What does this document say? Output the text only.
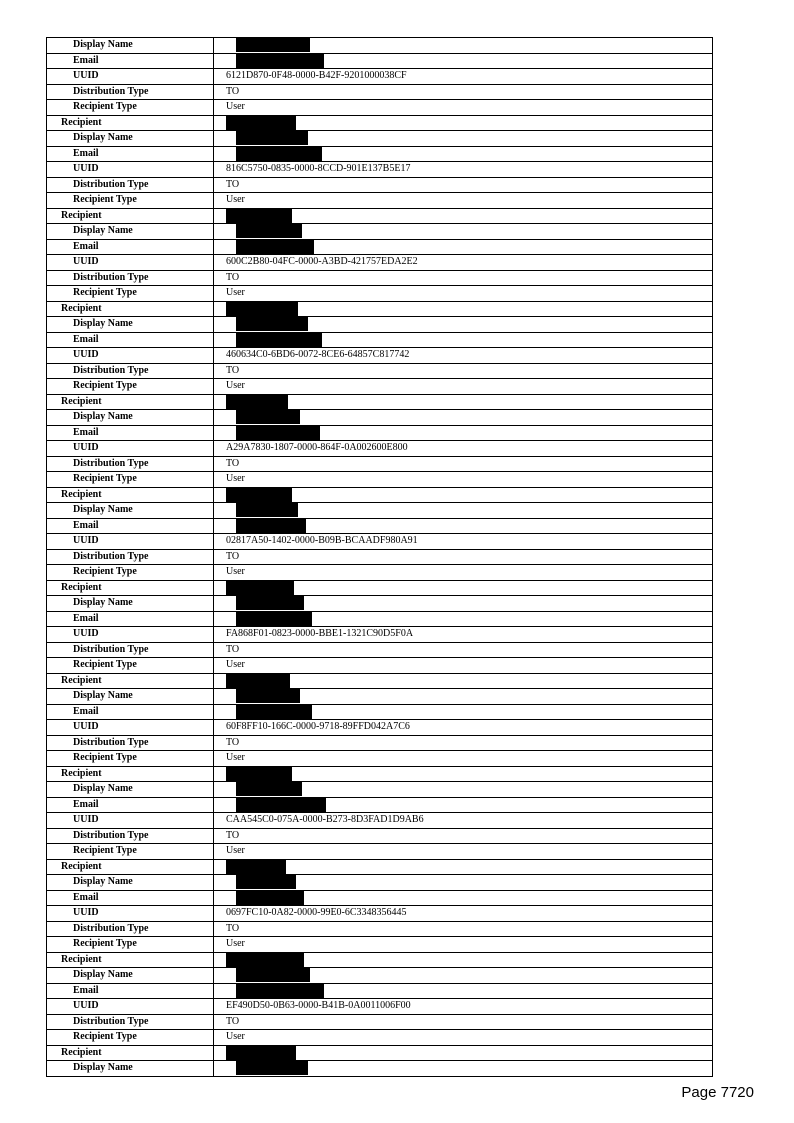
Display Name	
Email	
UUID	6121D870-0F48-0000-B42F-9201000038CF
Distribution Type	TO
Recipient Type	User
Recipient	
Display Name	
Email	
UUID	816C5750-0835-0000-8CCD-901E137B5E17
Distribution Type	TO
Recipient Type	User
Recipient	
Display Name	
Email	
UUID	600C2B80-04FC-0000-A3BD-421757EDA2E2
Distribution Type	TO
Recipient Type	User
Recipient	
Display Name	
Email	
UUID	460634C0-6BD6-0072-8CE6-64857C817742
Distribution Type	TO
Recipient Type	User
Recipient	
Display Name	
Email	
UUID	A29A7830-1807-0000-864F-0A002600E800
Distribution Type	TO
Recipient Type	User
Recipient	
Display Name	
Email	
UUID	02817A50-1402-0000-B09B-BCAADF980A91
Distribution Type	TO
Recipient Type	User
Recipient	
Display Name	
Email	
UUID	FA868F01-0823-0000-BBE1-1321C90D5F0A
Distribution Type	TO
Recipient Type	User
Recipient	
Display Name	
Email	
UUID	60F8FF10-166C-0000-9718-89FFD042A7C6
Distribution Type	TO
Recipient Type	User
Recipient	
Display Name	
Email	
UUID	CAA545C0-075A-0000-B273-8D3FAD1D9AB6
Distribution Type	TO
Recipient Type	User
Recipient	
Display Name	
Email	
UUID	0697FC10-0A82-0000-99E0-6C3348356445
Distribution Type	TO
Recipient Type	User
Recipient	
Display Name	
Email	
UUID	EF490D50-0B63-0000-B41B-0A0011006F00
Distribution Type	TO
Recipient Type	User
Recipient	
Display Name	
Page 7720
